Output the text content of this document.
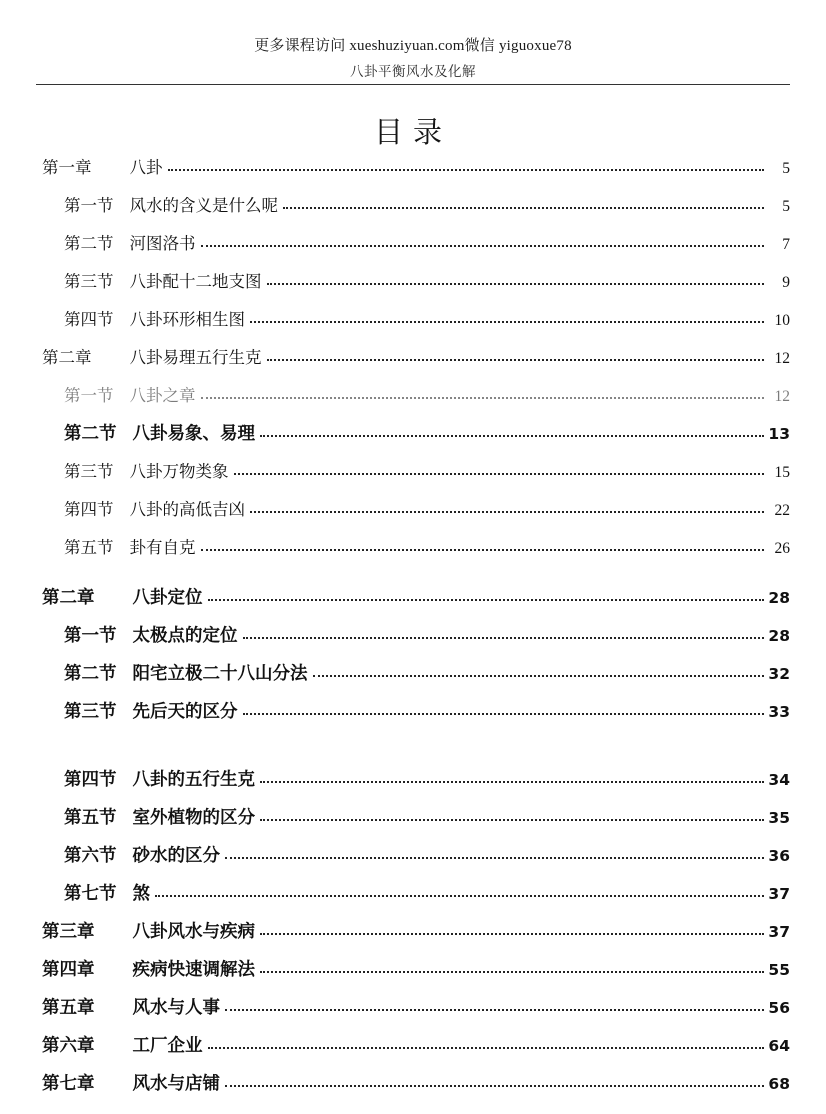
更多课程访问 xueshuziyuan.com微信 yiguoxue78
八卦平衡风水及化解
目录
第一章 八卦	5
第一节 风水的含义是什么呢	5
第二节 河图洛书	7
第三节 八卦配十二地支图	9
第四节 八卦环形相生图	10
第二章 八卦易理五行生克	12
第一节 八卦之章	12
第二节 八卦易象、易理	13
第三节 八卦万物类象	15
第四节 八卦的高低吉凶	22
第五节 卦有自克	26
第二章 八卦定位	28
第一节 太极点的定位	28
第二节 阳宅立极二十八山分法	32
第三节 先后天的区分	33
第四节 八卦的五行生克	34
第五节 室外植物的区分	35
第六节 砂水的区分	36
第七节 煞	37
第三章 八卦风水与疾病	37
第四章 疾病快速调解法	55
第五章 风水与人事	56
第六章 工厂企业	64
第七章 风水与店铺	68
